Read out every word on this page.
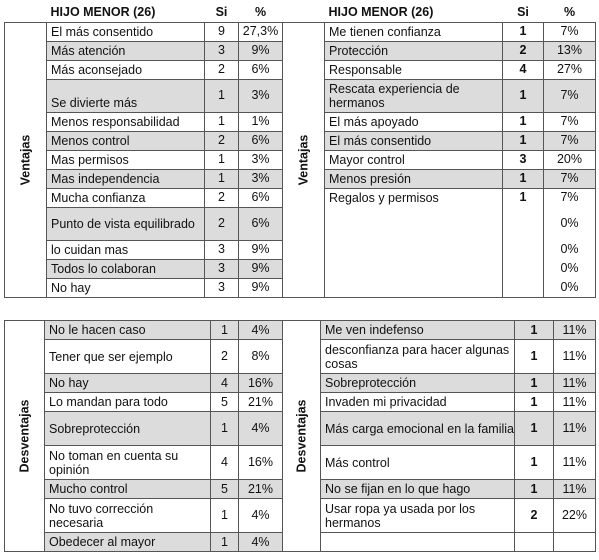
	HIJO MENOR (26)	Si	%		HIJO MENOR (26)	Si	%

Ventajas	El más consentido	9	27,3%	Ventajas	Me tienen confianza	1	7%
	Más atención	3	9%		Protección	2	13%
	Más aconsejado	2	6%		Responsable	4	27%
	Se divierte más	1	3%		Rescata experiencia de hermanos	1	7%
	Menos responsabilidad	1	1%		El más apoyado	1	7%
	Menos control	2	6%		El más consentido	1	7%
	Mas permisos	1	3%		Mayor control	3	20%
	Mas independencia	1	3%		Menos presión	1	7%
	Mucha confianza	2	6%		Regalos y permisos	1	7%
	Punto de vista equilibrado	2	6%				0%
	lo cuidan mas	3	9%				0%
	Todos lo colaboran	3	9%				0%
	No hay	3	9%				0%
Desventajas	No le hacen caso	1	4%	Desventajas	Me ven indefenso	1	11%
	Tener que ser ejemplo	2	8%		desconfianza para hacer algunas cosas	1	11%
	No hay	4	16%		Sobreprotección	1	11%
	Lo mandan para todo	5	21%		Invaden mi privacidad	1	11%
	Sobreprotección	1	4%		Más carga emocional en la familia	1	11%
	No toman en cuenta su opinión	4	16%		Más control	1	11%
	Mucho control	5	21%		No se fijan en lo que hago	1	11%
	No tuvo corrección necesaria	1	4%		Usar ropa ya usada por los hermanos	2	22%
	Obedecer al mayor	1	4%				
